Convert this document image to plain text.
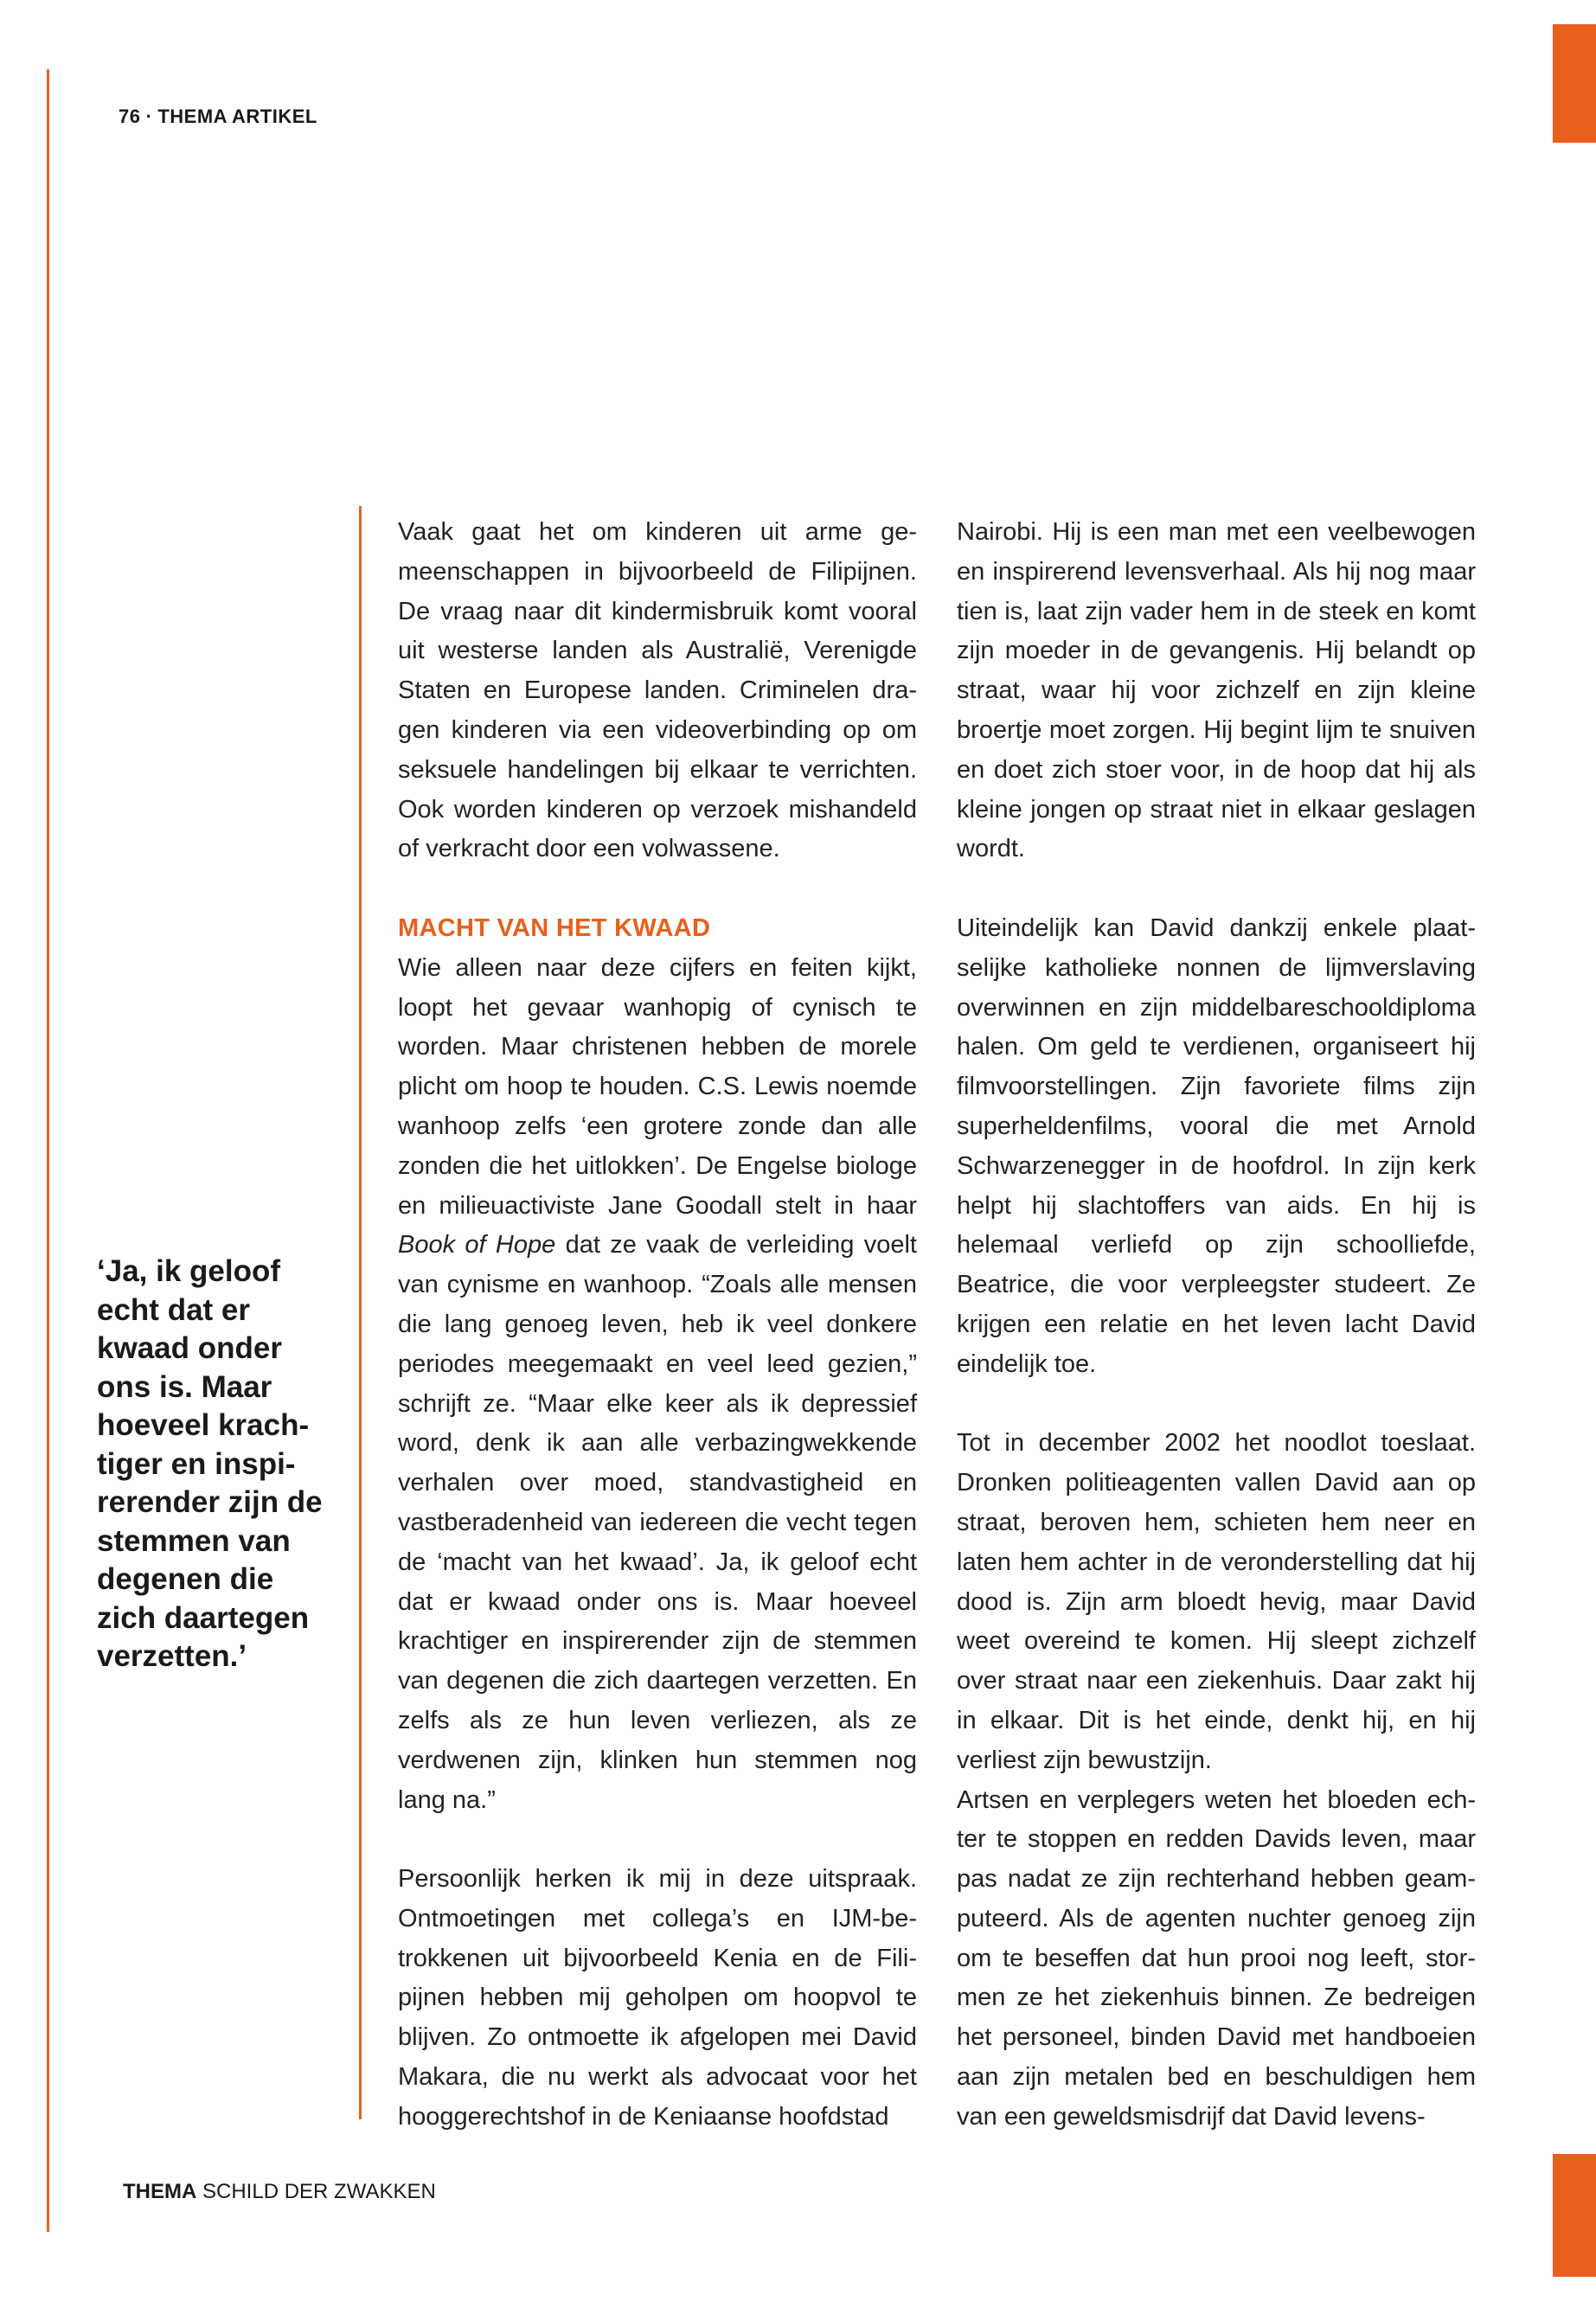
76 · THEMA ARTIKEL
‘Ja, ik geloof
echt dat er
kwaad onder
ons is. Maar
hoeveel krach-
tiger en inspi-
rerender zijn de
stemmen van
degenen die
zich daartegen
verzetten.’

Vaak gaat het om kinderen uit arme gemeenschappen in bijvoorbeeld de Filipijnen. De vraag naar dit kindermisbruik komt vooral uit westerse landen als Australië, Verenigde Staten en Europese landen. Criminelen dragen kinderen via een videoverbinding op om seksuele handelingen bij elkaar te verrichten. Ook worden kinderen op verzoek mishandeld of verkracht door een volwassene.

MACHT VAN HET KWAAD

Wie alleen naar deze cijfers en feiten kijkt, loopt het gevaar wanhopig of cynisch te worden. Maar christenen hebben de morele plicht om hoop te houden. C.S. Lewis noemde wanhoop zelfs ‘een grotere zonde dan alle zonden die het uitlokken’. De Engelse biologe en milieuactiviste Jane Goodall stelt in haar Book of Hope dat ze vaak de verleiding voelt van cynisme en wanhoop. “Zoals alle mensen die lang genoeg leven, heb ik veel donkere periodes meegemaakt en veel leed gezien,” schrijft ze. “Maar elke keer als ik depressief word, denk ik aan alle verbazingwekkende verhalen over moed, standvastigheid en vastberadenheid van iedereen die vecht tegen de ‘macht van het kwaad’. Ja, ik geloof echt dat er kwaad onder ons is. Maar hoeveel krachtiger en inspirerender zijn de stemmen van degenen die zich daartegen verzetten. En zelfs als ze hun leven verliezen, als ze verdwenen zijn, klinken hun stemmen nog lang na.”

Persoonlijk herken ik mij in deze uitspraak. Ontmoetingen met collega’s en IJM-betrokkenen uit bijvoorbeeld Kenia en de Filipijnen hebben mij geholpen om hoopvol te blijven. Zo ontmoette ik afgelopen mei David Makara, die nu werkt als advocaat voor het hooggerechtshof in de Keniaanse hoofdstad

Nairobi. Hij is een man met een veelbewogen en inspirerend levensverhaal. Als hij nog maar tien is, laat zijn vader hem in de steek en komt zijn moeder in de gevangenis. Hij belandt op straat, waar hij voor zichzelf en zijn kleine broertje moet zorgen. Hij begint lijm te snuiven en doet zich stoer voor, in de hoop dat hij als kleine jongen op straat niet in elkaar geslagen wordt.

Uiteindelijk kan David dankzij enkele plaatselijke katholieke nonnen de lijmverslaving overwinnen en zijn middelbareschooldiploma halen. Om geld te verdienen, organiseert hij filmvoorstellingen. Zijn favoriete films zijn superheldenfilms, vooral die met Arnold Schwarzenegger in de hoofdrol. In zijn kerk helpt hij slachtoffers van aids. En hij is helemaal verliefd op zijn schoolliefde, Beatrice, die voor verpleegster studeert. Ze krijgen een relatie en het leven lacht David eindelijk toe.

Tot in december 2002 het noodlot toeslaat. Dronken politieagenten vallen David aan op straat, beroven hem, schieten hem neer en laten hem achter in de veronderstelling dat hij dood is. Zijn arm bloedt hevig, maar David weet overeind te komen. Hij sleept zichzelf over straat naar een ziekenhuis. Daar zakt hij in elkaar. Dit is het einde, denkt hij, en hij verliest zijn bewustzijn.

Artsen en verplegers weten het bloeden echter te stoppen en redden Davids leven, maar pas nadat ze zijn rechterhand hebben geamputeerd. Als de agenten nuchter genoeg zijn om te beseffen dat hun prooi nog leeft, stormen ze het ziekenhuis binnen. Ze bedreigen het personeel, binden David met handboeien aan zijn metalen bed en beschuldigen hem van een geweldsmisdrijf dat David levens-

THEMA SCHILD DER ZWAKKEN
